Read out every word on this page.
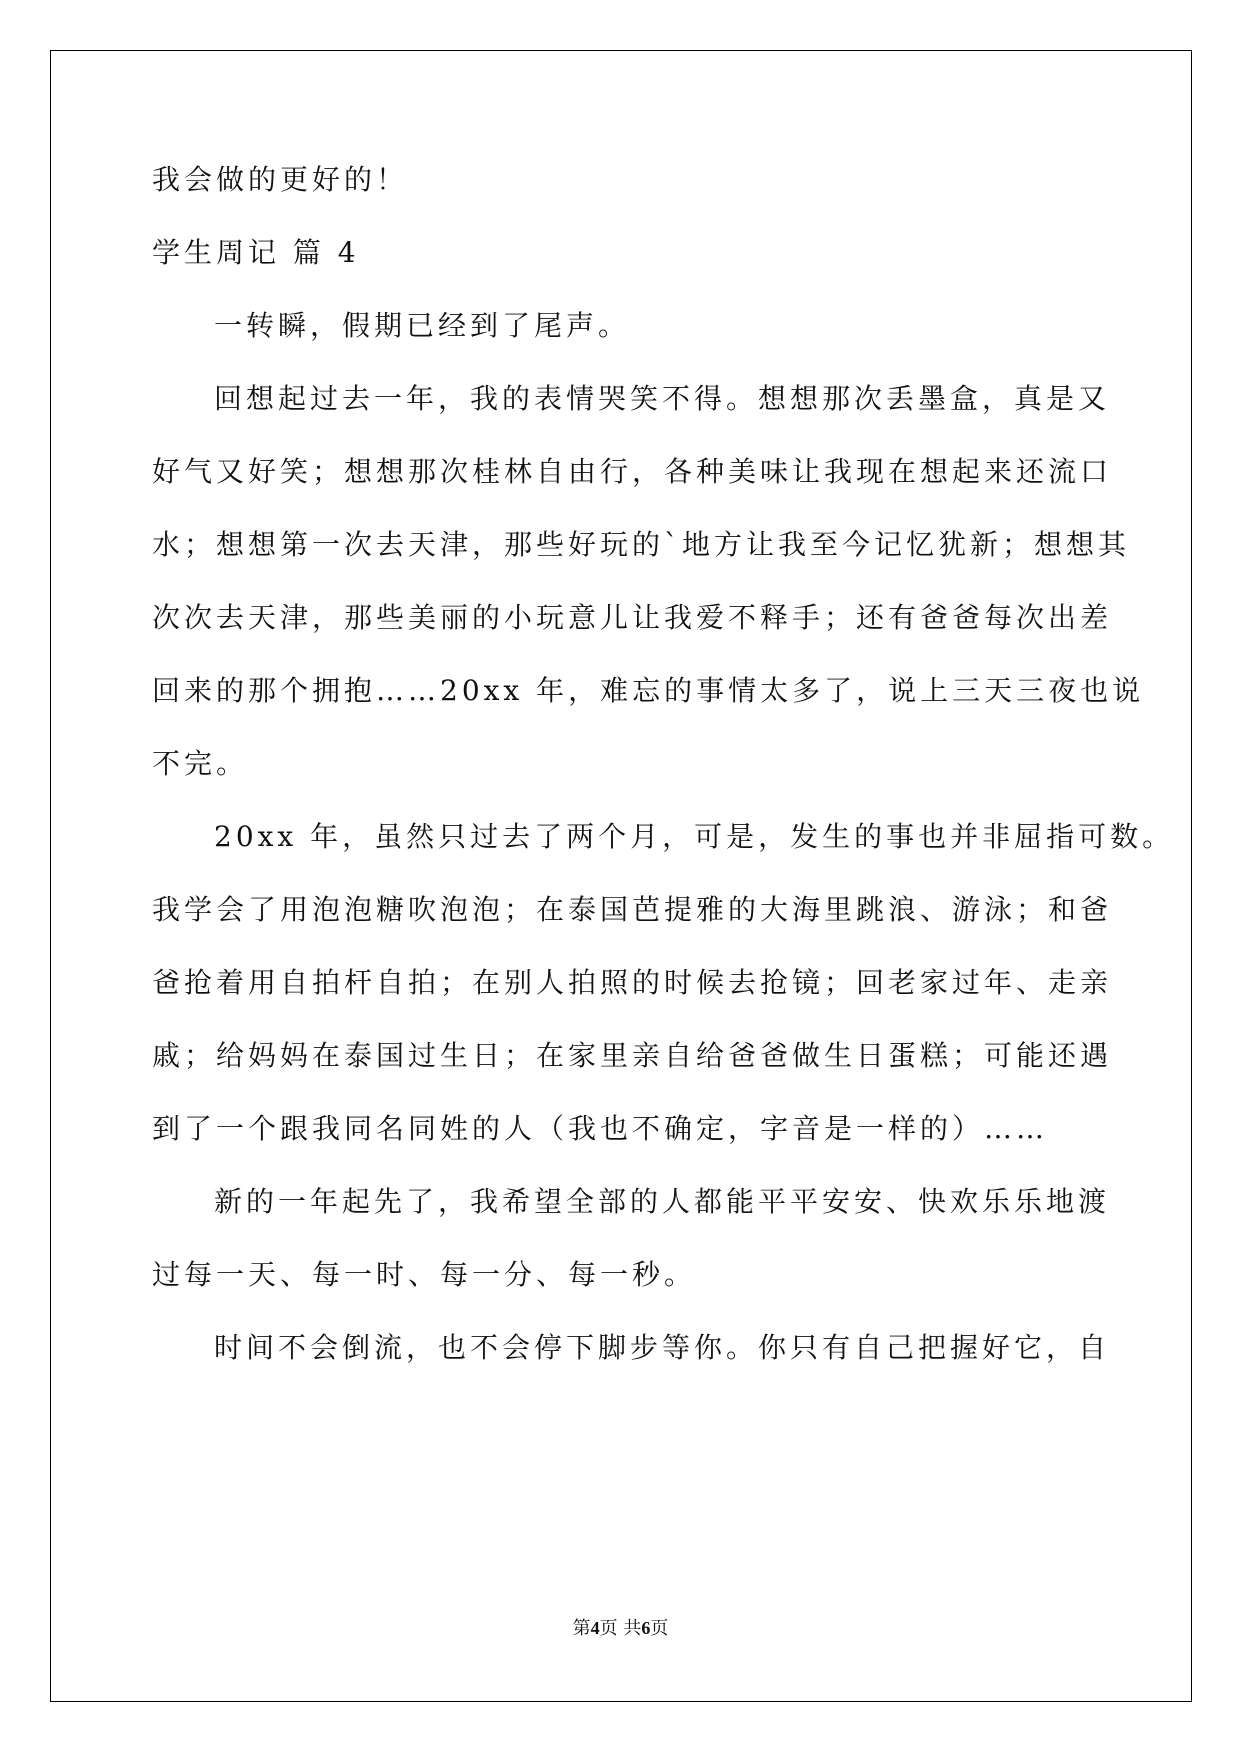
我会做的更好的！
学生周记 篇 4
一转瞬，假期已经到了尾声。
回想起过去一年，我的表情哭笑不得。想想那次丢墨盒，真是又
好气又好笑；想想那次桂林自由行，各种美味让我现在想起来还流口
水；想想第一次去天津，那些好玩的`地方让我至今记忆犹新；想想其
次次去天津，那些美丽的小玩意儿让我爱不释手；还有爸爸每次出差
回来的那个拥抱……20xx 年，难忘的事情太多了，说上三天三夜也说
不完。
20xx 年，虽然只过去了两个月，可是，发生的事也并非屈指可数。
我学会了用泡泡糖吹泡泡；在泰国芭提雅的大海里跳浪、游泳；和爸
爸抢着用自拍杆自拍；在别人拍照的时候去抢镜；回老家过年、走亲
戚；给妈妈在泰国过生日；在家里亲自给爸爸做生日蛋糕；可能还遇
到了一个跟我同名同姓的人（我也不确定，字音是一样的）……
新的一年起先了，我希望全部的人都能平平安安、快欢乐乐地渡
过每一天、每一时、每一分、每一秒。
时间不会倒流，也不会停下脚步等你。你只有自己把握好它，自
第4页 共6页
